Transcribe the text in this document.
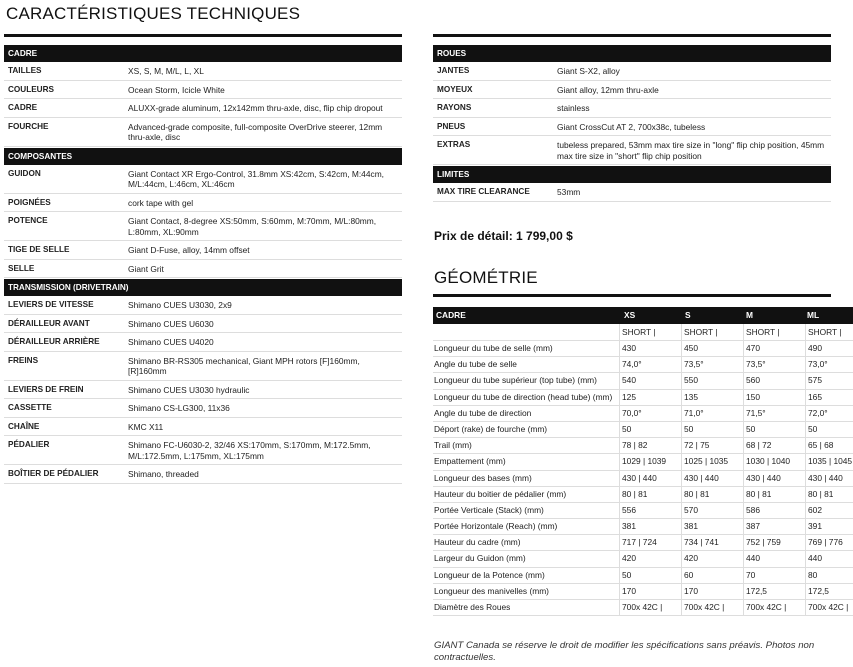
CARACTÉRISTIQUES TECHNIQUES
CADRE
TAILLES	XS, S, M, M/L, L, XL
COULEURS	Ocean Storm, Icicle White
CADRE	ALUXX-grade aluminum, 12x142mm thru-axle, disc, flip chip dropout
FOURCHE	Advanced-grade composite, full-composite OverDrive steerer, 12mm thru-axle, disc
COMPOSANTES
GUIDON	Giant Contact XR Ergo-Control, 31.8mm XS:42cm, S:42cm, M:44cm, M/L:44cm, L:46cm, XL:46cm
POIGNÉES	cork tape with gel
POTENCE	Giant Contact, 8-degree XS:50mm, S:60mm, M:70mm, M/L:80mm, L:80mm, XL:90mm
TIGE DE SELLE	Giant D-Fuse, alloy, 14mm offset
SELLE	Giant Grit
TRANSMISSION (DRIVETRAIN)
LEVIERS DE VITESSE	Shimano CUES U3030, 2x9
DÉRAILLEUR AVANT	Shimano CUES U6030
DÉRAILLEUR ARRIÈRE	Shimano CUES U4020
FREINS	Shimano BR-RS305 mechanical, Giant MPH rotors [F]160mm, [R]160mm
LEVIERS DE FREIN	Shimano CUES U3030 hydraulic
CASSETTE	Shimano CS-LG300, 11x36
CHAÎNE	KMC X11
PÉDALIER	Shimano FC-U6030-2, 32/46 XS:170mm, S:170mm, M:172.5mm, M/L:172.5mm, L:175mm, XL:175mm
BOÎTIER DE PÉDALIER	Shimano, threaded
ROUES
JANTES	Giant S-X2, alloy
MOYEUX	Giant alloy, 12mm thru-axle
RAYONS	stainless
PNEUS	Giant CrossCut AT 2, 700x38c, tubeless
EXTRAS	tubeless prepared, 53mm max tire size in "long" flip chip position, 45mm max tire size in "short" flip chip position
LIMITES
MAX TIRE CLEARANCE	53mm
Prix de détail: 1 799,00 $
GÉOMÉTRIE
CADRE	XS	S	M	ML
SHORT |	SHORT |	SHORT |	SHORT |
Longueur du tube de selle (mm)	430	450	470	490
Angle du tube de selle	74,0°	73,5°	73,5°	73,0°
Longueur du tube supérieur (top tube) (mm)	540	550	560	575
Longueur du tube de direction (head tube) (mm)	125	135	150	165
Angle du tube de direction	70,0°	71,0°	71,5°	72,0°
Déport (rake) de fourche (mm)	50	50	50	50
Trail (mm)	78 | 82	72 | 75	68 | 72	65 | 68
Empattement (mm)	1029 | 1039	1025 | 1035	1030 | 1040	1035 | 1045
Longueur des bases (mm)	430 | 440	430 | 440	430 | 440	430 | 440
Hauteur du boitier de pédalier (mm)	80 | 81	80 | 81	80 | 81	80 | 81
Portée Verticale (Stack) (mm)	556	570	586	602
Portée Horizontale (Reach) (mm)	381	381	387	391
Hauteur du cadre (mm)	717 | 724	734 | 741	752 | 759	769 | 776
Largeur du Guidon (mm)	420	420	440	440
Longueur de la Potence (mm)	50	60	70	80
Longueur des manivelles (mm)	170	170	172,5	172,5
Diamètre des Roues	700x 42C |	700x 42C |	700x 42C |	700x 42C |
GIANT Canada se réserve le droit de modifier les spécifications sans préavis. Photos non contractuelles.
